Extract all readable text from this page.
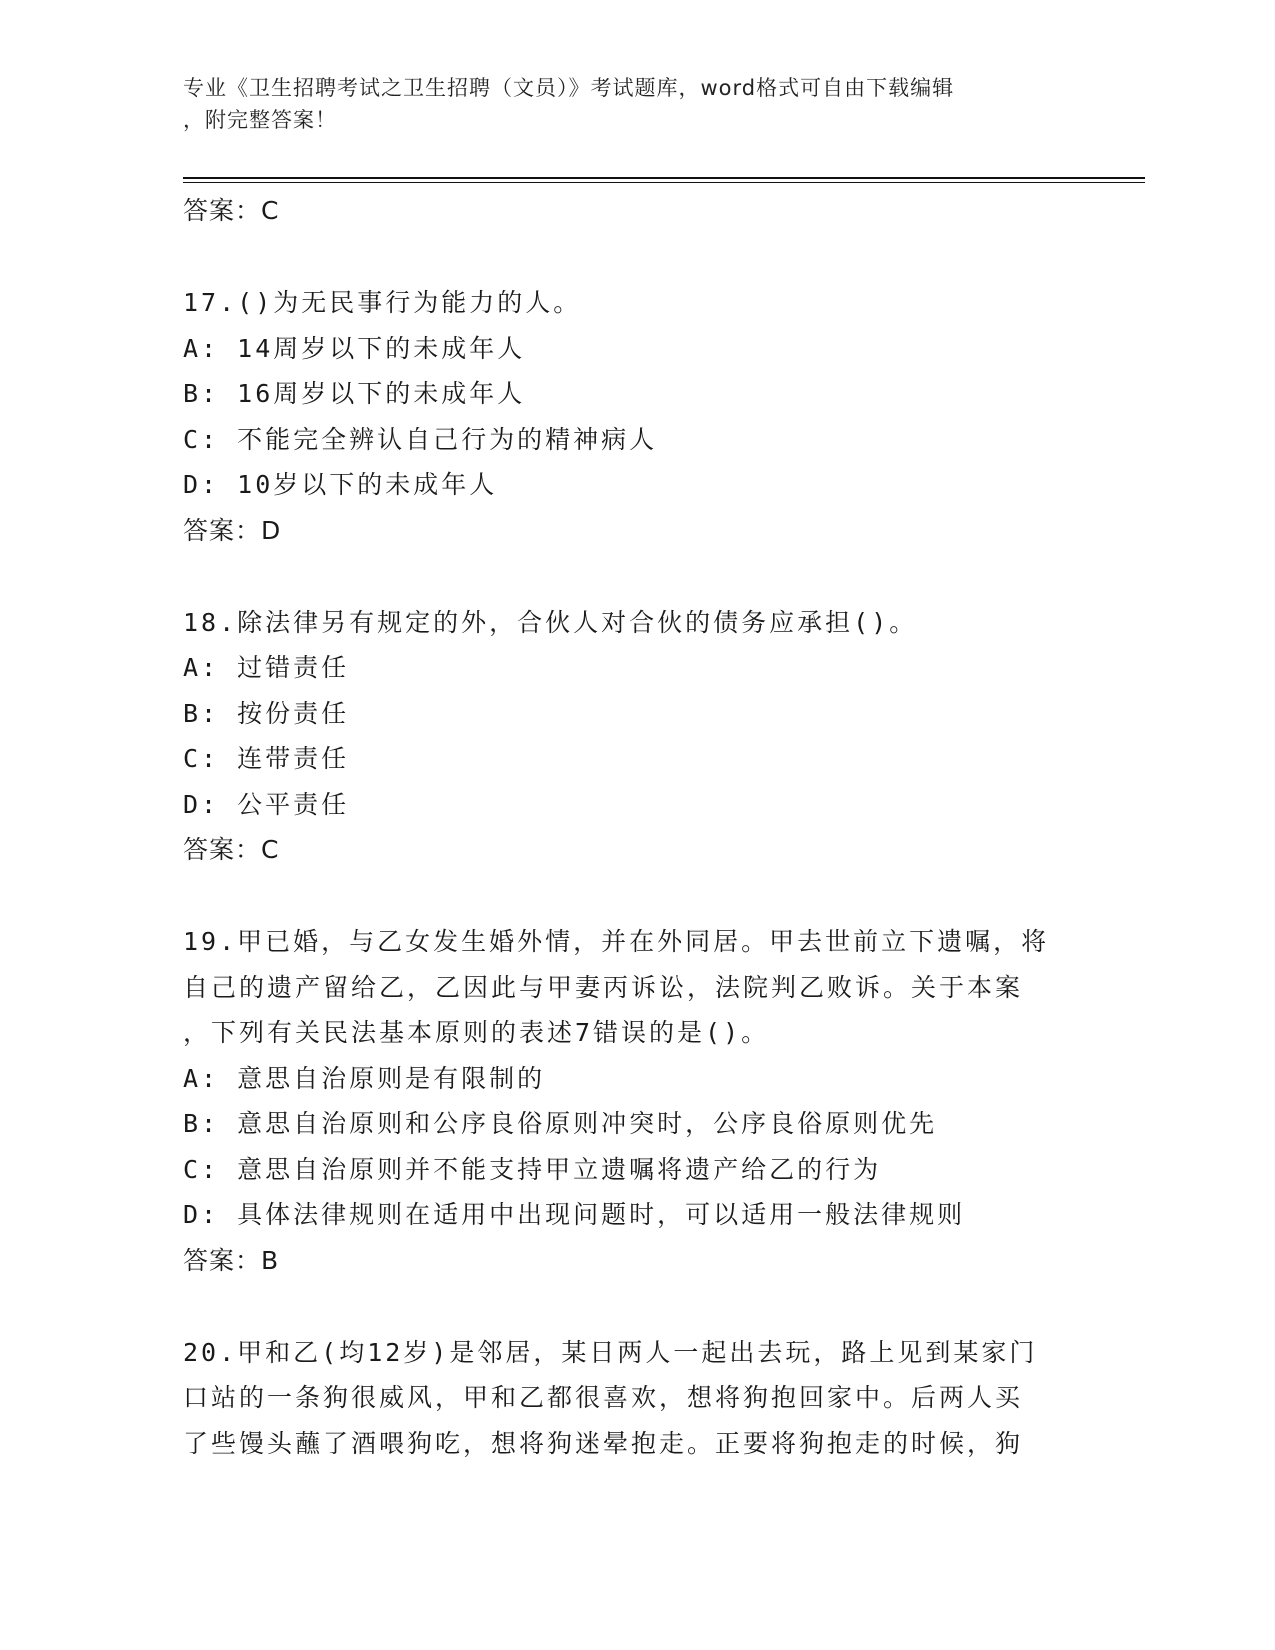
专业《卫生招聘考试之卫生招聘（文员）》考试题库，word格式可自由下载编辑
，附完整答案！
答案：C
17.()为无民事行为能力的人。
A: 14周岁以下的未成年人
B: 16周岁以下的未成年人
C: 不能完全辨认自己行为的精神病人
D: 10岁以下的未成年人
答案：D
18.除法律另有规定的外，合伙人对合伙的债务应承担()。
A: 过错责任
B: 按份责任
C: 连带责任
D: 公平责任
答案：C
19.甲已婚，与乙女发生婚外情，并在外同居。甲去世前立下遗嘱，将
自己的遗产留给乙，乙因此与甲妻丙诉讼，法院判乙败诉。关于本案
，下列有关民法基本原则的表述7错误的是()。
A: 意思自治原则是有限制的
B: 意思自治原则和公序良俗原则冲突时，公序良俗原则优先
C: 意思自治原则并不能支持甲立遗嘱将遗产给乙的行为
D: 具体法律规则在适用中出现问题时，可以适用一般法律规则
答案：B
20.甲和乙(均12岁)是邻居，某日两人一起出去玩，路上见到某家门
口站的一条狗很威风，甲和乙都很喜欢，想将狗抱回家中。后两人买
了些馒头蘸了酒喂狗吃，想将狗迷晕抱走。正要将狗抱走的时候，狗
